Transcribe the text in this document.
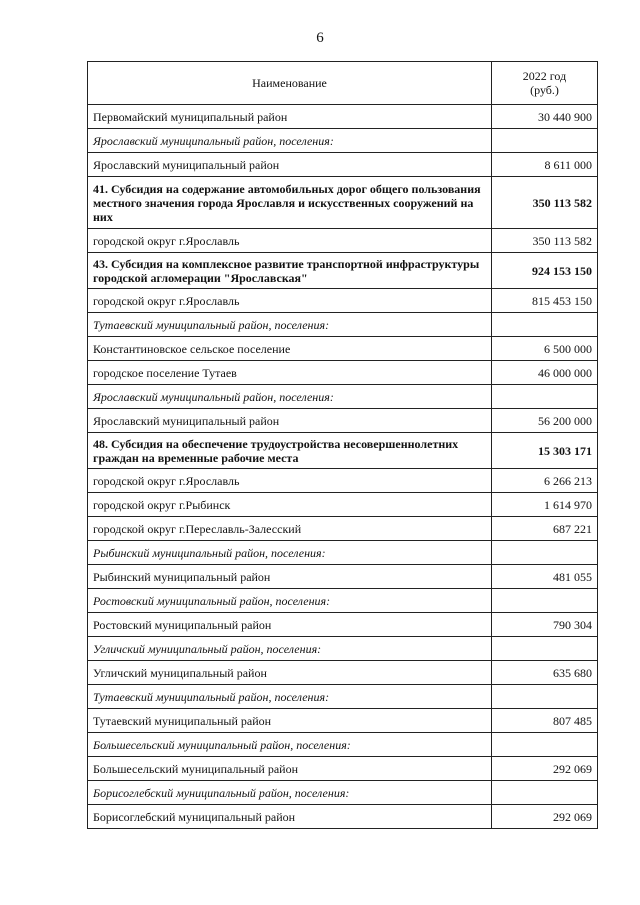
6
Наименование	2022 год
(руб.)
Первомайский муниципальный район	30 440 900
Ярославский муниципальный район, поселения:	
Ярославский муниципальный район	8 611 000
41. Субсидия на содержание автомобильных дорог общего пользования местного значения города Ярославля и искусственных сооружений на них	350 113 582
городской округ г.Ярославль	350 113 582
43. Субсидия на комплексное развитие транспортной инфраструктуры городской агломерации "Ярославская"	924 153 150
городской округ г.Ярославль	815 453 150
Тутаевский муниципальный район, поселения:	
Константиновское сельское поселение	6 500 000
городское поселение Тутаев	46 000 000
Ярославский муниципальный район, поселения:	
Ярославский муниципальный район	56 200 000
48. Субсидия на обеспечение трудоустройства несовершеннолетних граждан на временные рабочие места	15 303 171
городской округ г.Ярославль	6 266 213
городской округ г.Рыбинск	1 614 970
городской округ г.Переславль-Залесский	687 221
Рыбинский муниципальный район, поселения:	
Рыбинский муниципальный район	481 055
Ростовский муниципальный район, поселения:	
Ростовский муниципальный район	790 304
Угличский муниципальный район, поселения:	
Угличский муниципальный район	635 680
Тутаевский муниципальный район, поселения:	
Тутаевский муниципальный район	807 485
Большесельский муниципальный район, поселения:	
Большесельский муниципальный район	292 069
Борисоглебский муниципальный район, поселения:	
Борисоглебский муниципальный район	292 069
